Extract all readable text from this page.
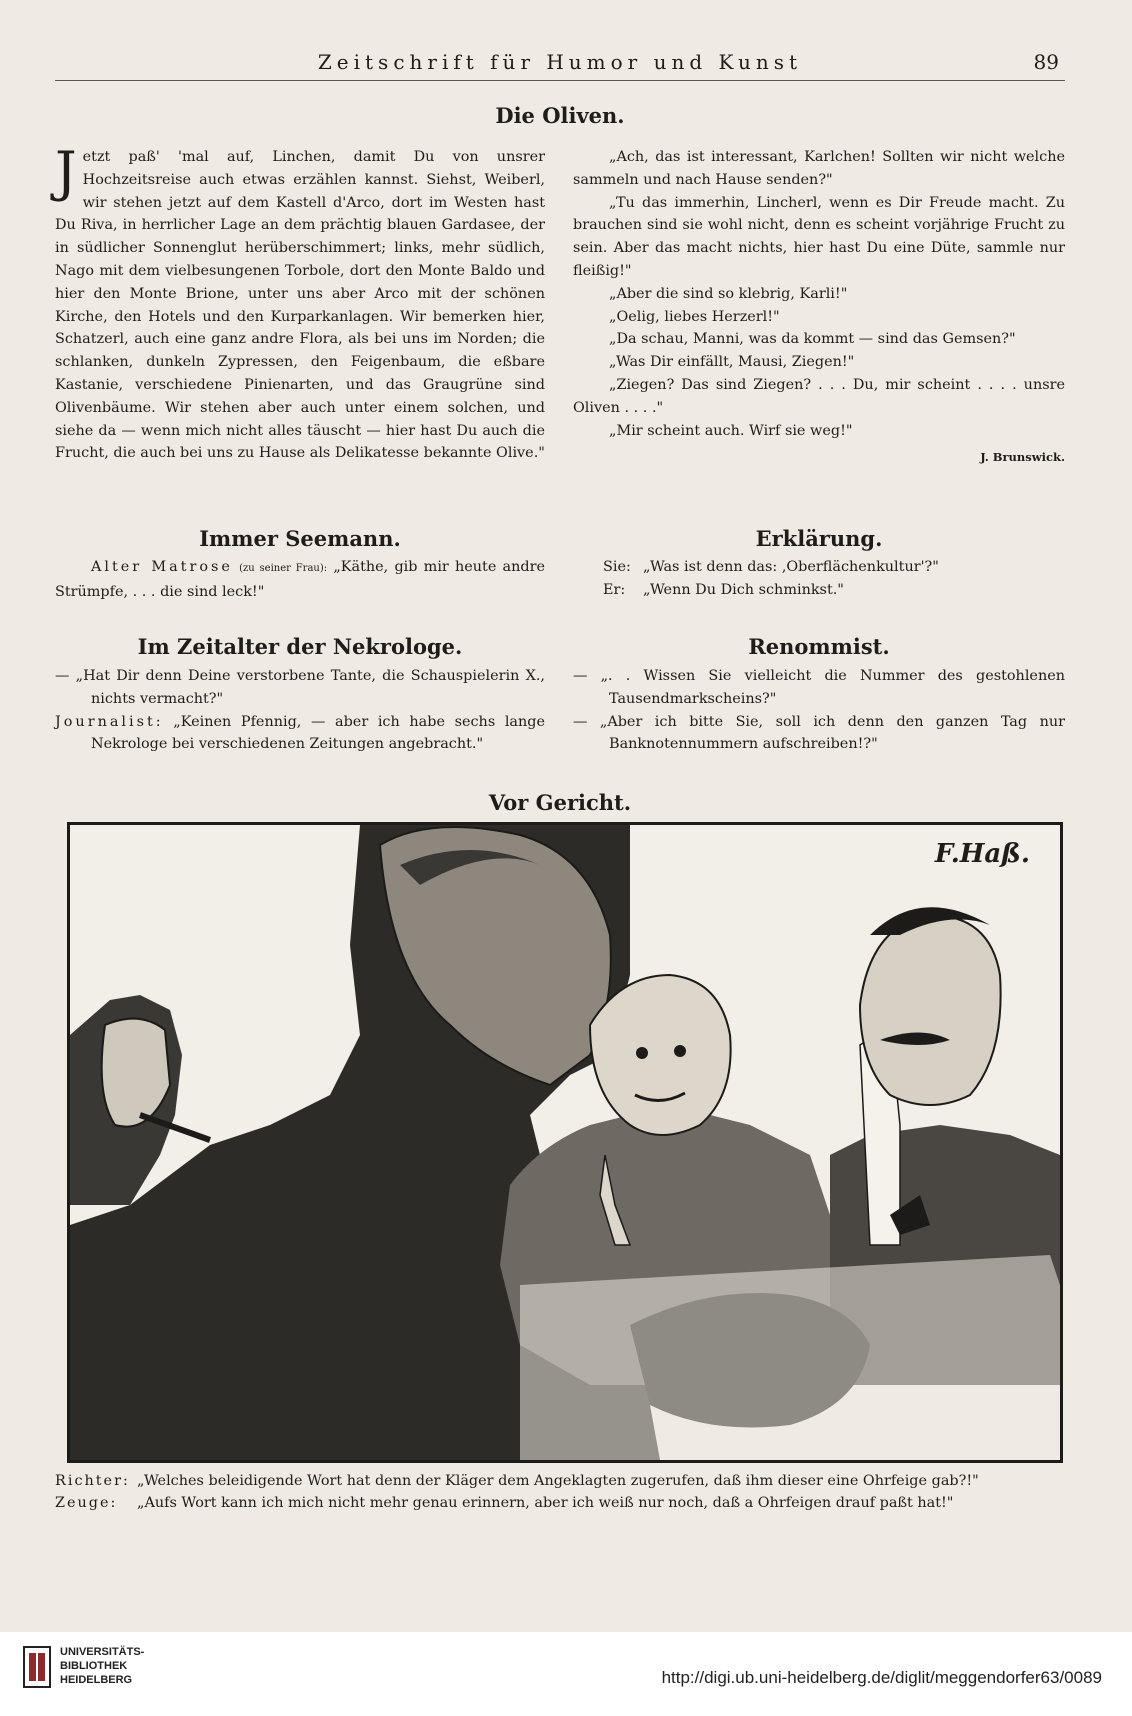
Zeitschrift für Humor und Kunst	89
Die Oliven.

Jetzt paß' 'mal auf, Linchen, damit Du von unsrer Hochzeitsreise auch etwas erzählen kannst. Siehst, Weiberl, wir stehen jetzt auf dem Kastell d'Arco, dort im Westen hast Du Riva, in herrlicher Lage an dem prächtig blauen Gardasee, der in südlicher Sonnenglut herüberschimmert; links, mehr südlich, Nago mit dem vielbesungenen Torbole, dort den Monte Baldo und hier den Monte Brione, unter uns aber Arco mit der schönen Kirche, den Hotels und den Kurparkanlagen. Wir bemerken hier, Schatzerl, auch eine ganz andre Flora, als bei uns im Norden; die schlanken, dunkeln Zypressen, den Feigenbaum, die eßbare Kastanie, verschiedene Pinienarten, und das Graugrüne sind Olivenbäume. Wir stehen aber auch unter einem solchen, und siehe da — wenn mich nicht alles täuscht — hier hast Du auch die Frucht, die auch bei uns zu Hause als Delikatesse bekannte Olive."

„Ach, das ist interessant, Karlchen! Sollten wir nicht welche sammeln und nach Hause senden?"

„Tu das immerhin, Lincherl, wenn es Dir Freude macht. Zu brauchen sind sie wohl nicht, denn es scheint vorjährige Frucht zu sein. Aber das macht nichts, hier hast Du eine Düte, sammle nur fleißig!"

„Aber die sind so klebrig, Karli!"

„Oelig, liebes Herzerl!"

„Da schau, Manni, was da kommt — sind das Gemsen?"

„Was Dir einfällt, Mausi, Ziegen!"

„Ziegen? Das sind Ziegen? . . . Du, mir scheint . . . . unsre Oliven . . . ."

„Mir scheint auch. Wirf sie weg!"

J. Brunswick.
Immer Seemann.

Alter Matrose (zu seiner Frau): „Käthe, gib mir heute andre Strümpfe, . . . die sind leck!"

Erklärung.

Sie: „Was ist denn das: ‚Oberflächenkultur'?"

Er: „Wenn Du Dich schminkst."

Im Zeitalter der Nekrologe.

— „Hat Dir denn Deine verstorbene Tante, die Schauspielerin X., nichts vermacht?"

Journalist: „Keinen Pfennig, — aber ich habe sechs lange Nekrologe bei verschiedenen Zeitungen angebracht."

Renommist.

— „. . Wissen Sie vielleicht die Nummer des gestohlenen Tausendmarkscheins?"

— „Aber ich bitte Sie, soll ich denn den ganzen Tag nur Banknotennummern aufschreiben!?"

Vor Gericht.
F.Haß.
Richter: „Welches beleidigende Wort hat denn der Kläger dem Angeklagten zugerufen, daß ihm dieser eine Ohrfeige gab?!"
Zeuge:	„Aufs Wort kann ich mich nicht mehr genau erinnern, aber ich weiß nur noch, daß a Ohrfeigen drauf paßt hat!"
UNIVERSITÄTS-
BIBLIOTHEK
HEIDELBERG	http://digi.ub.uni-heidelberg.de/diglit/meggendorfer63/0089
